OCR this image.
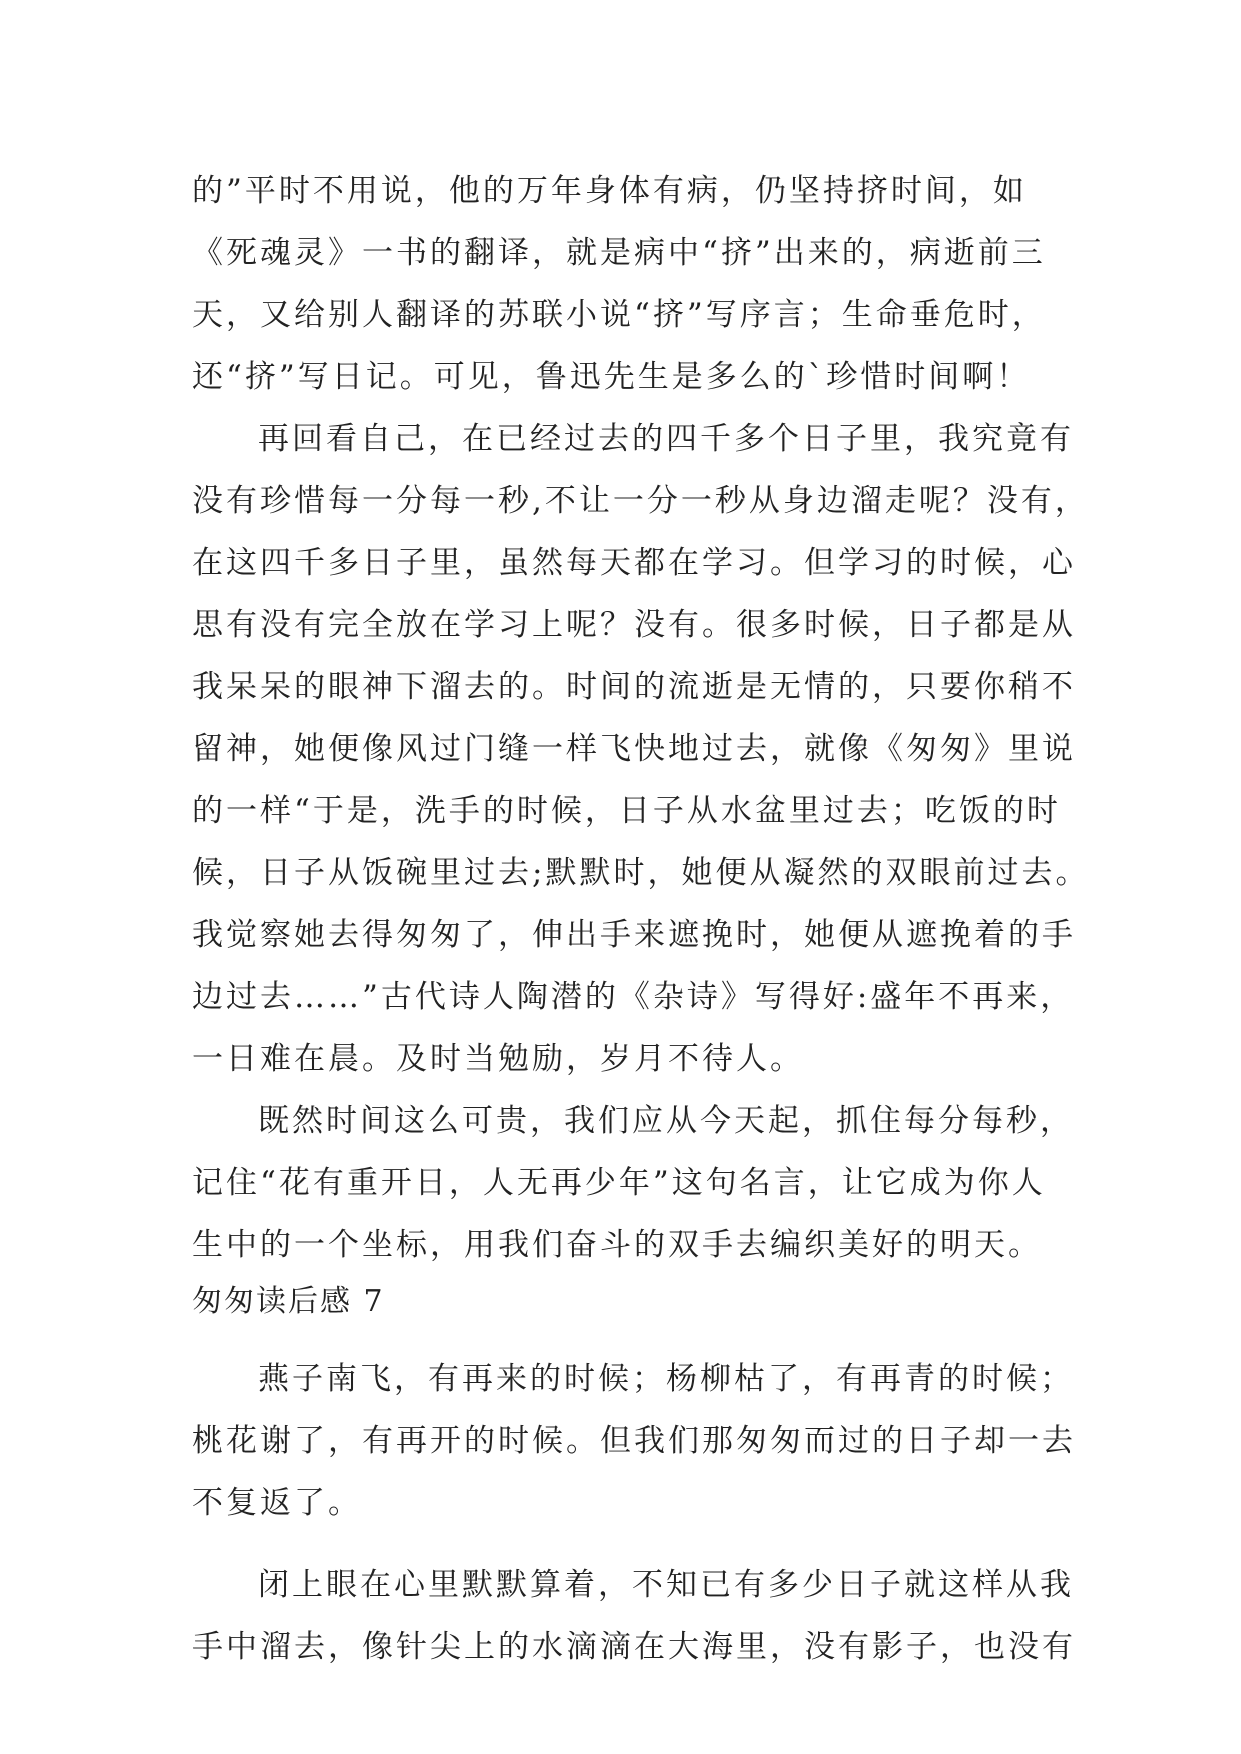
的”平时不用说，他的万年身体有病，仍坚持挤时间，如
《死魂灵》一书的翻译，就是病中“挤”出来的，病逝前三
天，又给别人翻译的苏联小说“挤”写序言；生命垂危时，
还“挤”写日记。可见，鲁迅先生是多么的`珍惜时间啊！
再回看自己，在已经过去的四千多个日子里，我究竟有
没有珍惜每一分每一秒,不让一分一秒从身边溜走呢？没有，
在这四千多日子里，虽然每天都在学习。但学习的时候，心
思有没有完全放在学习上呢？没有。很多时候，日子都是从
我呆呆的眼神下溜去的。时间的流逝是无情的，只要你稍不
留神，她便像风过门缝一样飞快地过去，就像《匆匆》里说
的一样“于是，洗手的时候，日子从水盆里过去；吃饭的时
候，日子从饭碗里过去;默默时，她便从凝然的双眼前过去。
我觉察她去得匆匆了，伸出手来遮挽时，她便从遮挽着的手
边过去……”古代诗人陶潜的《杂诗》写得好:盛年不再来，
一日难在晨。及时当勉励，岁月不待人。
既然时间这么可贵，我们应从今天起，抓住每分每秒，
记住“花有重开日，人无再少年”这句名言，让它成为你人
生中的一个坐标，用我们奋斗的双手去编织美好的明天。
匆匆读后感 7
燕子南飞，有再来的时候；杨柳枯了，有再青的时候；
桃花谢了，有再开的时候。但我们那匆匆而过的日子却一去
不复返了。
闭上眼在心里默默算着，不知已有多少日子就这样从我
手中溜去，像针尖上的水滴滴在大海里，没有影子，也没有
